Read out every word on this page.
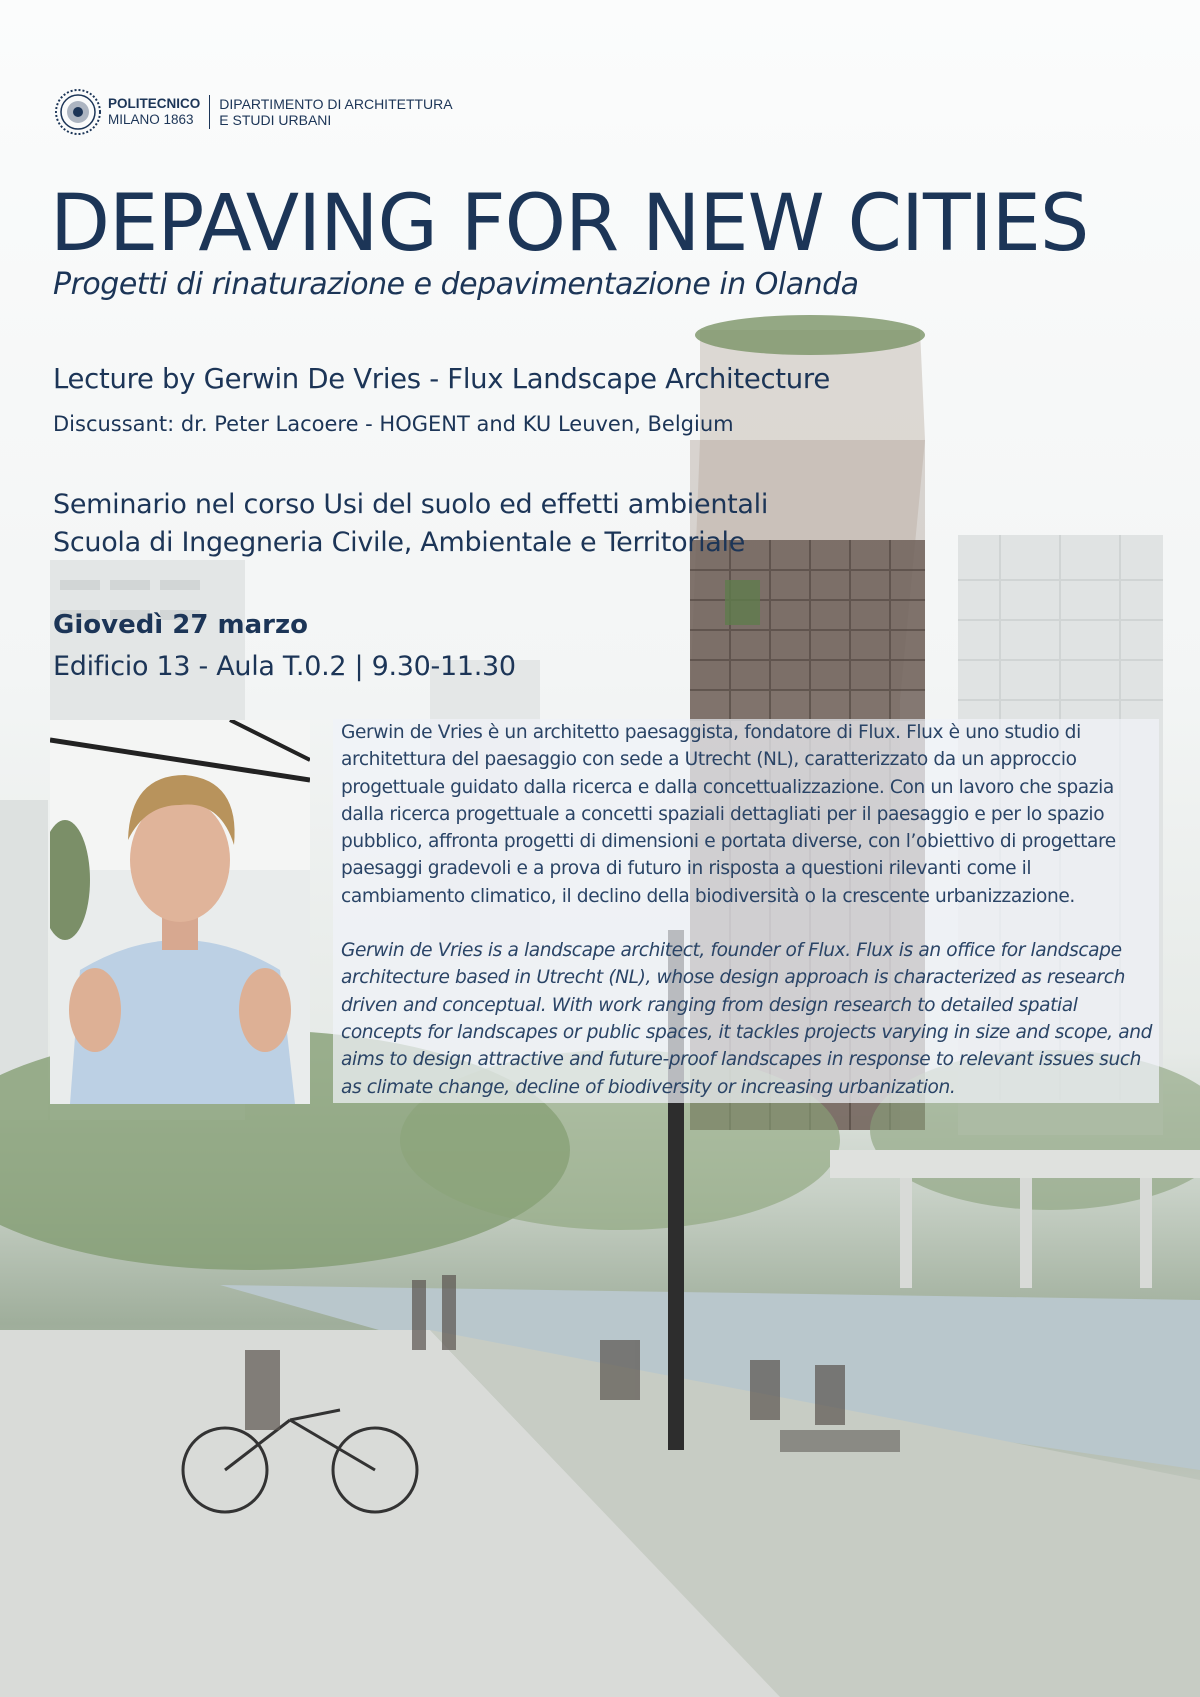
POLITECNICO
MILANO 1863
DIPARTIMENTO DI ARCHITETTURA
E STUDI URBANI
DEPAVING FOR NEW CITIES
Progetti di rinaturazione e depavimentazione in Olanda
Lecture by Gerwin De Vries - Flux Landscape Architecture
Discussant: dr. Peter Lacoere - HOGENT and KU Leuven, Belgium
Seminario nel corso Usi del suolo ed effetti ambientali
Scuola di Ingegneria Civile, Ambientale e Territoriale
Giovedì 27 marzo
Edificio 13 - Aula T.0.2 | 9.30-11.30

Gerwin de Vries è un architetto paesaggista, fondatore di Flux. Flux è uno studio di architettura del paesaggio con sede a Utrecht (NL), caratterizzato da un approccio progettuale guidato dalla ricerca e dalla concettualizzazione. Con un lavoro che spazia dalla ricerca progettuale a concetti spaziali dettagliati per il paesaggio e per lo spazio pubblico, affronta progetti di dimensioni e portata diverse, con l’obiettivo di progettare paesaggi gradevoli e a prova di futuro in risposta a questioni rilevanti come il cambiamento climatico, il declino della biodiversità o la crescente urbanizzazione.

Gerwin de Vries is a landscape architect, founder of Flux. Flux is an office for landscape architecture based in Utrecht (NL), whose design approach is characterized as research driven and conceptual. With work ranging from design research to detailed spatial concepts for landscapes or public spaces, it tackles projects varying in size and scope, and aims to design attractive and future-proof landscapes in response to relevant issues such as climate change, decline of biodiversity or increasing urbanization.
